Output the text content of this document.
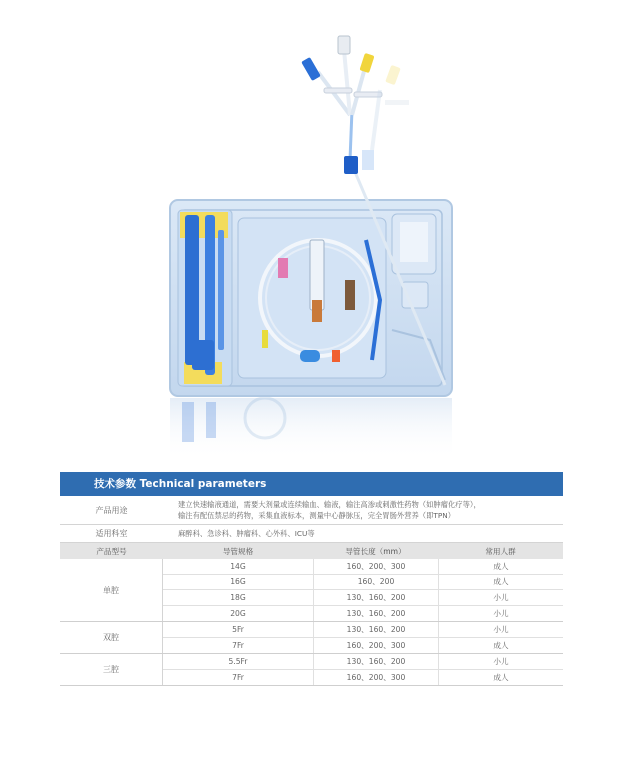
技术参数 Technical parameters
产品用途
建立快速输液通道，需要大剂量或连续输血、输液，输注高渗或刺激性药物（如肿瘤化疗等），
输注有配伍禁忌的药物，采集血液标本，测量中心静脉压，完全胃肠外营养（即TPN）
适用科室	麻醉科、急诊科、肿瘤科、心外科、ICU等
产品型号	导管规格	导管长度（mm）	常用人群
单腔
14G	160、200、300	成人
16G	160、200	成人
18G	130、160、200	小儿
20G	130、160、200	小儿
双腔
5Fr	130、160、200	小儿
7Fr	160、200、300	成人
三腔
5.5Fr	130、160、200	小儿
7Fr	160、200、300	成人
